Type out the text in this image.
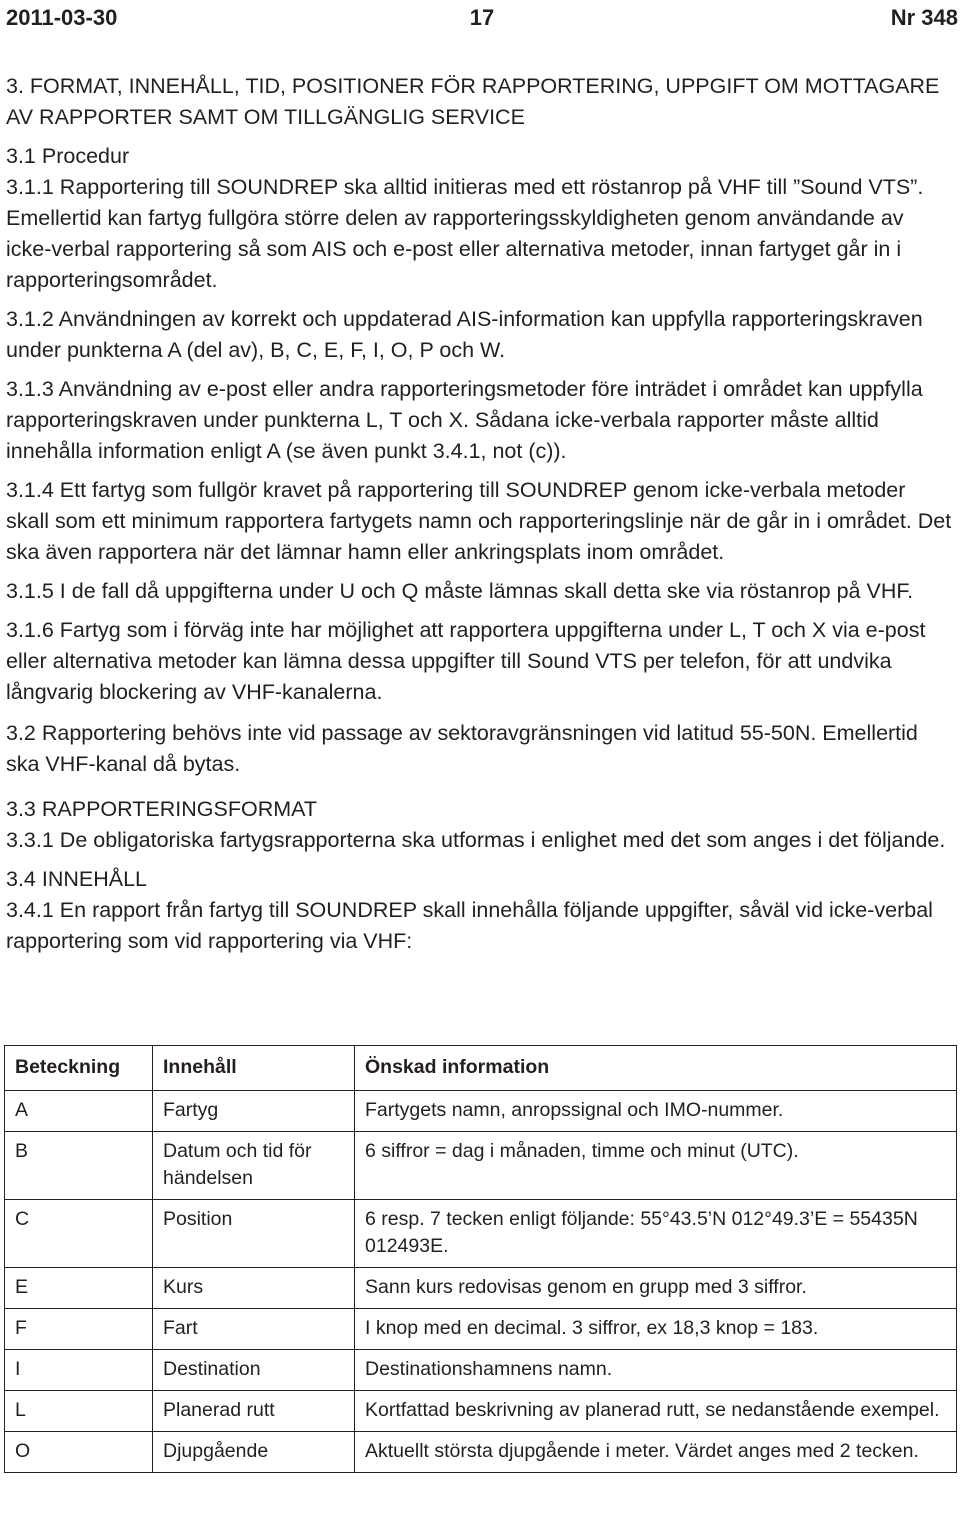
2011-03-30	17	Nr 348

3. FORMAT, INNEHÅLL, TID, POSITIONER FÖR RAPPORTERING, UPPGIFT OM MOTTAGARE AV RAPPORTER SAMT OM TILLGÄNGLIG SERVICE

3.1 Procedur

3.1.1 Rapportering till SOUNDREP ska alltid initieras med ett röstanrop på VHF till ”Sound VTS”. Emellertid kan fartyg fullgöra större delen av rapporteringsskyldigheten genom användande av icke-verbal rapportering så som AIS och e-post eller alternativa metoder, innan fartyget går in i rapporteringsområdet.

3.1.2 Användningen av korrekt och uppdaterad AIS-information kan uppfylla rapporteringskraven under punkterna A (del av), B, C, E, F, I, O, P och W.

3.1.3 Användning av e-post eller andra rapporteringsmetoder före inträdet i området kan uppfylla rapporteringskraven under punkterna L, T och X. Sådana icke-verbala rapporter måste alltid innehålla information enligt A (se även punkt 3.4.1, not (c)).

3.1.4 Ett fartyg som fullgör kravet på rapportering till SOUNDREP genom icke-verbala metoder skall som ett minimum rapportera fartygets namn och rapporteringslinje när de går in i området. Det ska även rapportera när det lämnar hamn eller ankringsplats inom området.

3.1.5 I de fall då uppgifterna under U och Q måste lämnas skall detta ske via röstanrop på VHF.

3.1.6 Fartyg som i förväg inte har möjlighet att rapportera uppgifterna under L, T och X via e-post eller alternativa metoder kan lämna dessa uppgifter till Sound VTS per telefon, för att undvika långvarig blockering av VHF-kanalerna.

3.2 Rapportering behövs inte vid passage av sektoravgränsningen vid latitud 55-50N. Emellertid ska VHF-kanal då bytas.

3.3 RAPPORTERINGSFORMAT

3.3.1 De obligatoriska fartygsrapporterna ska utformas i enlighet med det som anges i det följande.

3.4 INNEHÅLL

3.4.1 En rapport från fartyg till SOUNDREP skall innehålla följande uppgifter, såväl vid icke-verbal rapportering som vid rapportering via VHF:

Beteckning	Innehåll	Önskad information
A	Fartyg	Fartygets namn, anropssignal och IMO-nummer.
B	Datum och tid för händelsen	6 siffror = dag i månaden, timme och minut (UTC).
C	Position	6 resp. 7 tecken enligt följande: 55°43.5’N 012°49.3’E = 55435N 012493E.
E	Kurs	Sann kurs redovisas genom en grupp med 3 siffror.
F	Fart	I knop med en decimal. 3 siffror, ex 18,3 knop = 183.
I	Destination	Destinationshamnens namn.
L	Planerad rutt	Kortfattad beskrivning av planerad rutt, se nedanstående exempel.
O	Djupgående	Aktuellt största djupgående i meter. Värdet anges med 2 tecken.
